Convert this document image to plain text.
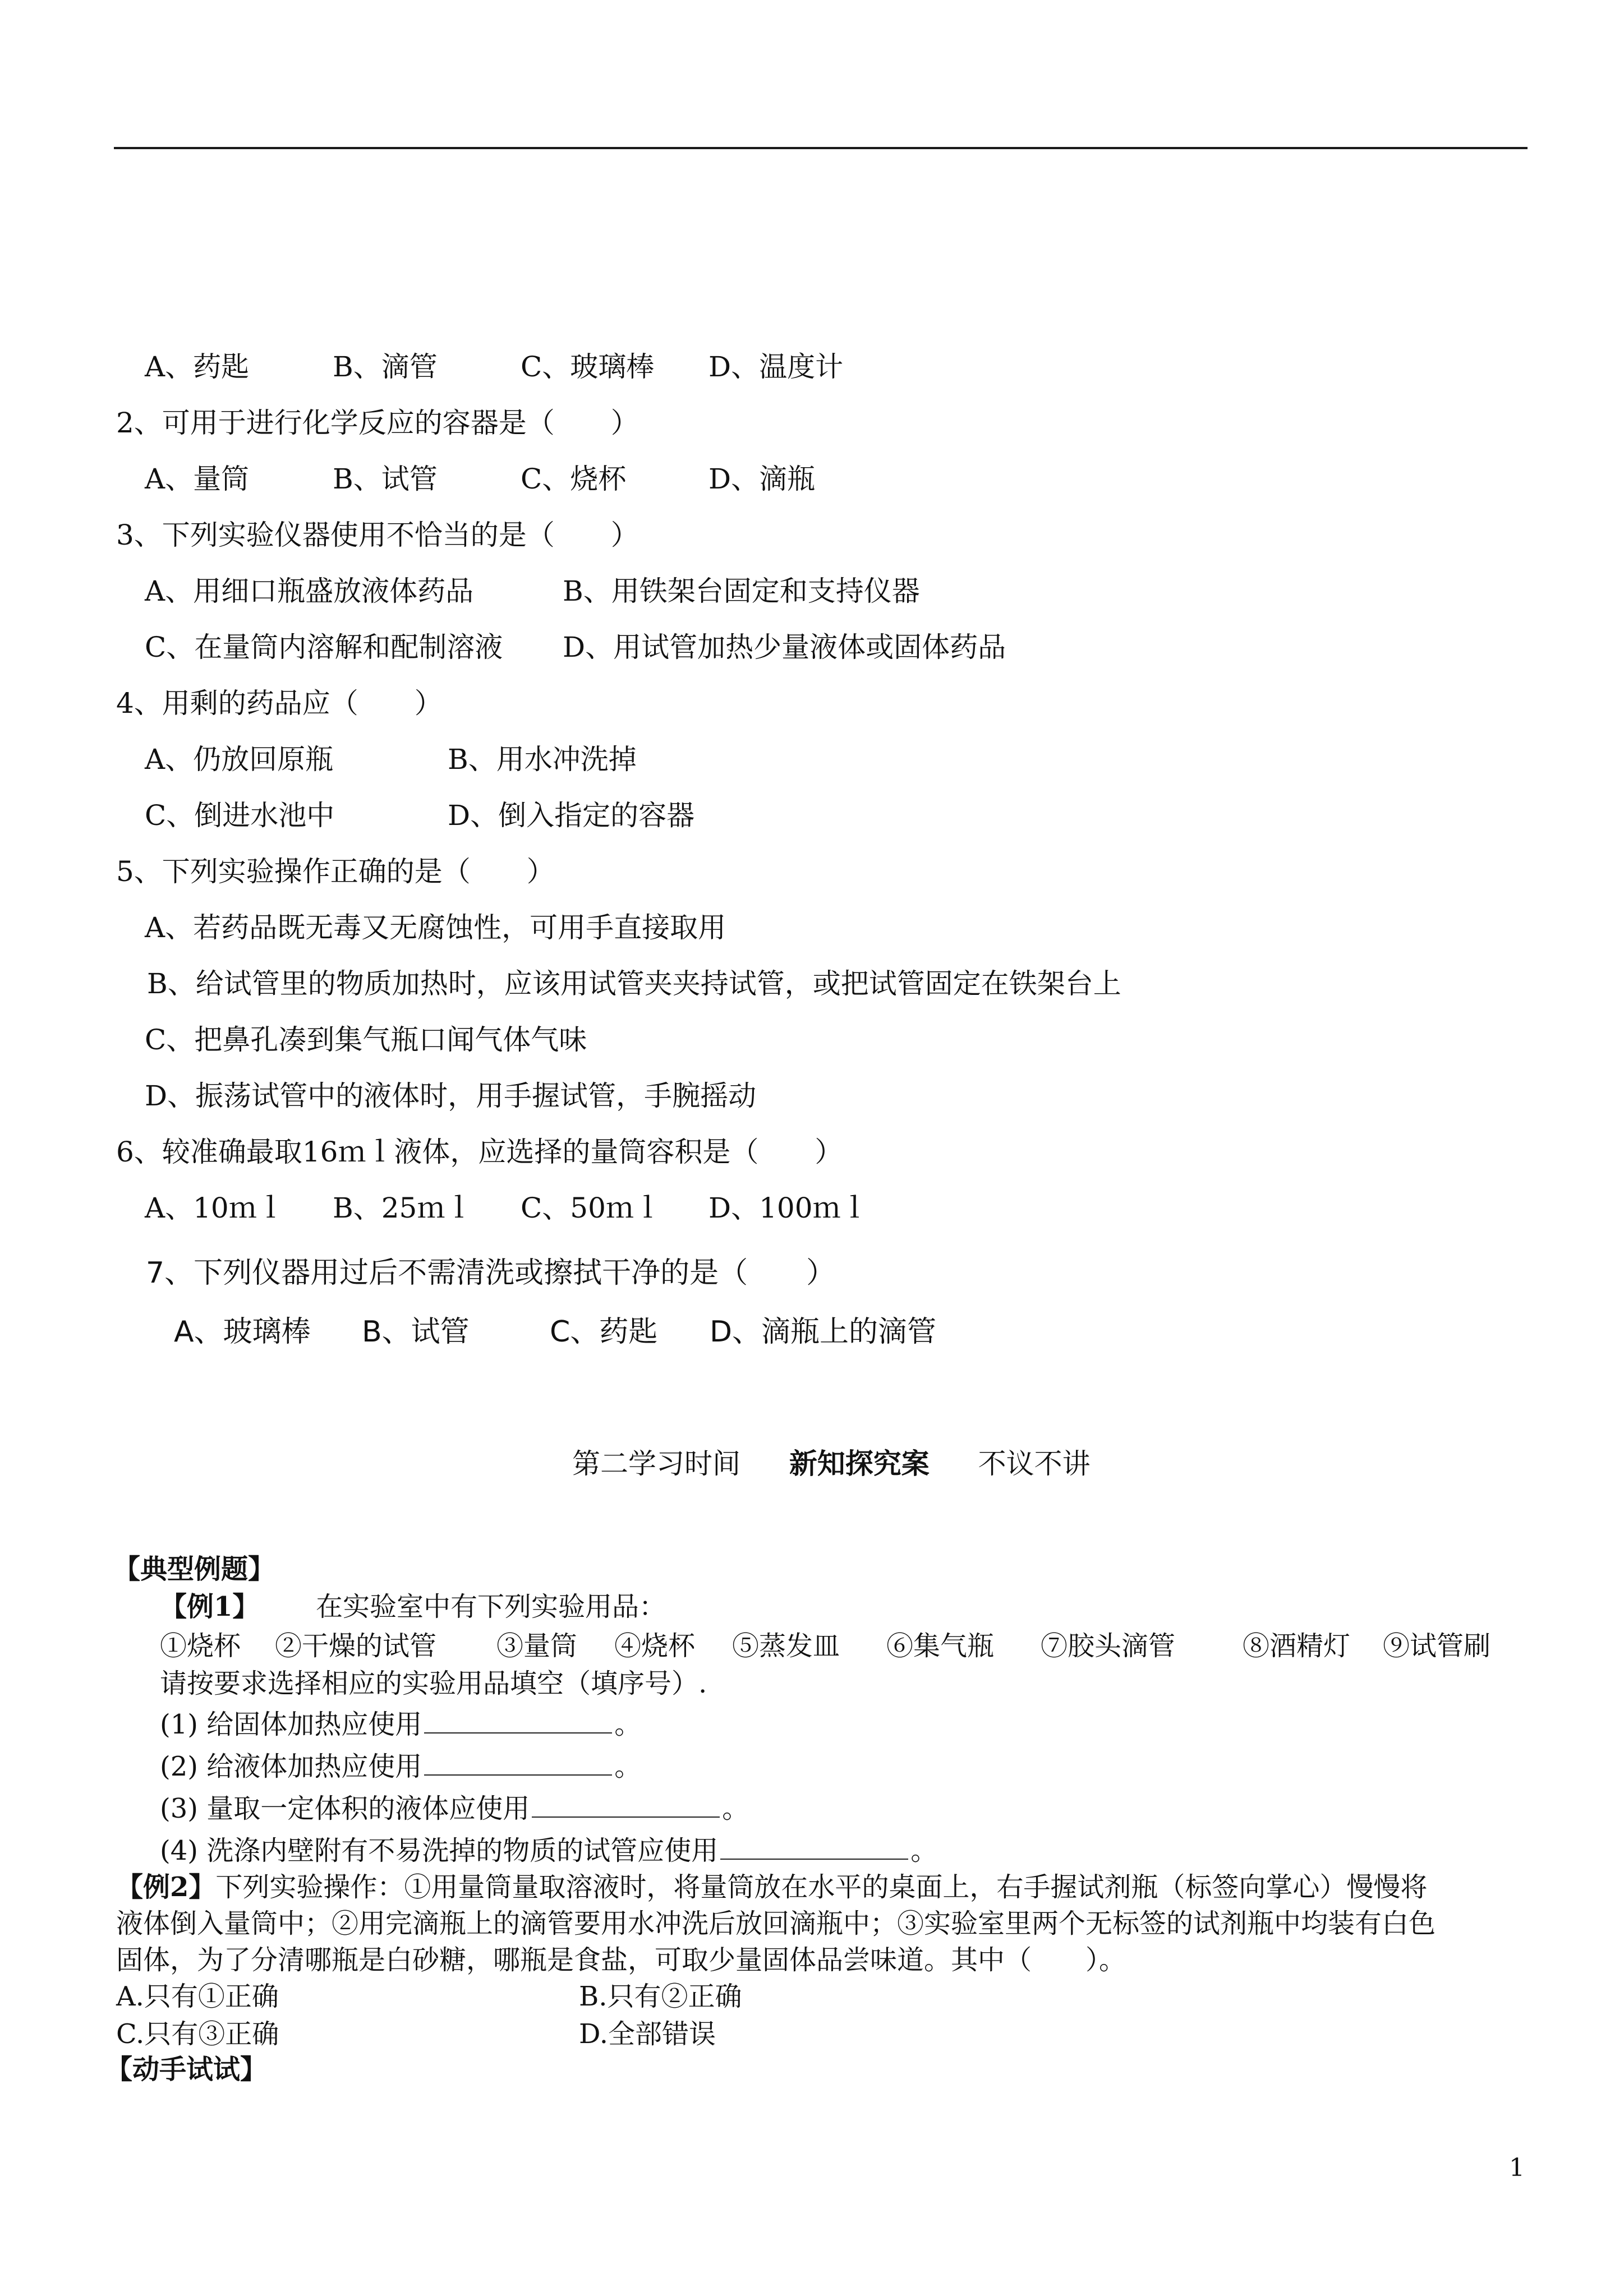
A、药匙	B、滴管	C、玻璃棒 D、温度计
2、可用于进行化学反应的容器是（　　）
A、量筒	B、试管	C、烧杯	D、滴瓶
3、下列实验仪器使用不恰当的是（　　）
A、用细口瓶盛放液体药品	B、用铁架台固定和支持仪器
C、在量筒内溶解和配制溶液 D、用试管加热少量液体或固体药品
4、用剩的药品应（　　）
A、仍放回原瓶	B、用水冲洗掉
C、倒进水池中	D、倒入指定的容器
5、下列实验操作正确的是（　　）
A、若药品既无毒又无腐蚀性，可用手直接取用
B、给试管里的物质加热时，应该用试管夹夹持试管，或把试管固定在铁架台上
C、把鼻孔凑到集气瓶口闻气体气味
D、振荡试管中的液体时，用手握试管，手腕摇动
6、较准确最取16ｍｌ液体，应选择的量筒容积是（　　）
A、10ｍｌ B、25ｍｌ C、50ｍｌ D、100ｍｌ
7、下列仪器用过后不需清洗或擦拭干净的是（　　）
A、玻璃棒 B、试管	C、药匙 D、滴瓶上的滴管
第二学习时间 新知探究案 不议不讲
【典型例题】
【例1】 在实验室中有下列实验用品：
①烧杯 ②干燥的试管 ③量筒 ④烧杯 ⑤蒸发皿 ⑥集气瓶 ⑦胶头滴管 ⑧酒精灯 ⑨试管刷
请按要求选择相应的实验用品填空（填序号）.
(1) 给固体加热应使用	。
(2) 给液体加热应使用	。
(3) 量取一定体积的液体应使用	。
(4) 洗涤内壁附有不易洗掉的物质的试管应使用	。
【例2】下列实验操作：①用量筒量取溶液时，将量筒放在水平的桌面上，右手握试剂瓶（标签向掌心）慢慢将
液体倒入量筒中；②用完滴瓶上的滴管要用水冲洗后放回滴瓶中；③实验室里两个无标签的试剂瓶中均装有白色
固体，为了分清哪瓶是白砂糖，哪瓶是食盐，可取少量固体品尝味道。其中（　　）。
A.只有①正确	B.只有②正确
C.只有③正确	D.全部错误
【动手试试】
1
